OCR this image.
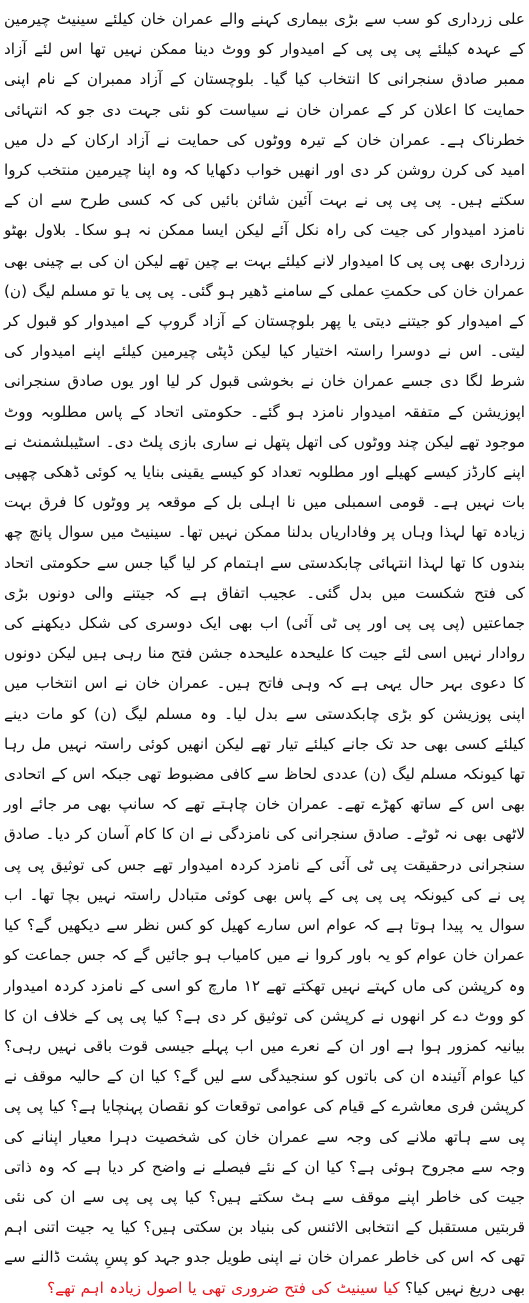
علی زرداری کو سب سے بڑی بیماری کہنے والے عمران خان کیلئے سینیٹ چیرمین کے عہدہ کیلئے پی پی پی کے امیدوار کو ووٹ دینا ممکن نہیں تھا اس لئے آزاد ممبر صادق سنجرانی کا انتخاب کیا گیا۔ بلوچستان کے آزاد ممبران کے نام اپنی حمایت کا اعلان کر کے عمران خان نے سیاست کو نئی جہت دی جو کہ انتہائی خطرناک ہے۔ عمران خان کے تیرہ ووٹوں کی حمایت نے آزاد ارکان کے دل میں امید کی کرن روشن کر دی اور انھیں خواب دکھایا کہ وہ اپنا چیرمین منتخب کروا سکتے ہیں۔ پی پی پی نے بہت آئین شائن بائیں کی کہ کسی طرح سے ان کے نامزد امیدوار کی جیت کی راہ نکل آئے لیکن ایسا ممکن نہ ہو سکا۔ بلاول بھٹو زرداری بھی پی پی کا امیدوار لانے کیلئے بہت بے چین تھے لیکن ان کی بے چینی بھی عمران خان کی حکمتِ عملی کے سامنے ڈھیر ہو گئی۔ پی پی یا تو مسلم لیگ (ن) کے امیدوار کو جیتنے دیتی یا پھر بلوچستان کے آزاد گروپ کے امیدوار کو قبول کر لیتی۔ اس نے دوسرا راستہ اختیار کیا لیکن ڈپٹی چیرمین کیلئے اپنے امیدوار کی شرط لگا دی جسے عمران خان نے بخوشی قبول کر لیا اور یوں صادق سنجرانی اپوزیشن کے متفقہ امیدوار نامزد ہو گئے۔ حکومتی اتحاد کے پاس مطلوبہ ووٹ موجود تھے لیکن چند ووٹوں کی اتھل پتھل نے ساری بازی پلٹ دی۔ اسٹیبلشمنٹ نے اپنے کارڈز کیسے کھیلے اور مطلوبہ تعداد کو کیسے یقینی بنایا یہ کوئی ڈھکی چھپی بات نہیں ہے۔ قومی اسمبلی میں نا اہلی بل کے موقعہ پر ووٹوں کا فرق بہت زیادہ تھا لہذا وہاں پر وفاداریاں بدلنا ممکن نہیں تھا۔ سینیٹ میں سوال پانچ چھ بندوں کا تھا لہذا انتہائی چابکدستی سے اہتمام کر لیا گیا جس سے حکومتی اتحاد کی فتح شکست میں بدل گئی۔ عجیب اتفاق ہے کہ جیتنے والی دونوں بڑی جماعتیں (پی پی پی اور پی ٹی آئی) اب بھی ایک دوسری کی شکل دیکھنے کی روادار نہیں اسی لئے جیت کا علیحدہ علیحدہ جشن فتح منا رہی ہیں لیکن دونوں کا دعوی بہر حال یہی ہے کہ وہی فاتح ہیں۔ عمران خان نے اس انتخاب میں اپنی پوزیشن کو بڑی چابکدستی سے بدل لیا۔ وہ مسلم لیگ (ن) کو مات دینے کیلئے کسی بھی حد تک جانے کیلئے تیار تھے لیکن انھیں کوئی راستہ نہیں مل رہا تھا کیونکہ مسلم لیگ (ن) عددی لحاظ سے کافی مضبوط تھی جبکہ اس کے اتحادی بھی اس کے ساتھ کھڑے تھے۔ عمران خان چاہتے تھے کہ سانپ بھی مر جائے اور لاٹھی بھی نہ ٹوٹے۔ صادق سنجرانی کی نامزدگی نے ان کا کام آسان کر دیا۔ صادق سنجرانی درحقیقت پی ٹی آئی کے نامزد کردہ امیدوار تھے جس کی توثیق پی پی پی نے کی کیونکہ پی پی پی کے پاس بھی کوئی متبادل راستہ نہیں بچا تھا۔ اب سوال یہ پیدا ہوتا ہے کہ عوام اس سارے کھیل کو کس نظر سے دیکھیں گے؟ کیا عمران خان عوام کو یہ باور کروا نے میں کامیاب ہو جائیں گے کہ جس جماعت کو وہ کرپشن کی ماں کہتے نہیں تھکتے تھے ۱۲ مارچ کو اسی کے نامزد کردہ امیدوار کو ووٹ دے کر انھوں نے کرپشن کی توثیق کر دی ہے؟ کیا پی پی کے خلاف ان کا بیانیہ کمزور ہوا ہے اور ان کے نعرے میں اب پہلے جیسی قوت باقی نہیں رہی؟ کیا عوام آئیندہ ان کی باتوں کو سنجیدگی سے لیں گے؟ کیا ان کے حالیہ موقف نے کرپشن فری معاشرے کے قیام کی عوامی توقعات کو نقصان پہنچایا ہے؟ کیا پی پی پی سے ہاتھ ملانے کی وجہ سے عمران خان کی شخصیت دہرا معیار اپنانے کی وجہ سے مجروح ہوئی ہے؟ کیا ان کے نئے فیصلے نے واضح کر دیا ہے کہ وہ ذاتی جیت کی خاطر اپنے موقف سے ہٹ سکتے ہیں؟ کیا پی پی پی سے ان کی نئی قربتیں مستقبل کے انتخابی الائنس کی بنیاد بن سکتی ہیں؟ کیا یہ جیت اتنی اہم تھی کہ اس کی خاطر عمران خان نے اپنی طویل جدو جہد کو پسِ پشت ڈالنے سے بھی دریغ نہیں کیا؟ کیا سینیٹ کی فتح ضروری تھی یا اصول زیادہ اہم تھے؟
